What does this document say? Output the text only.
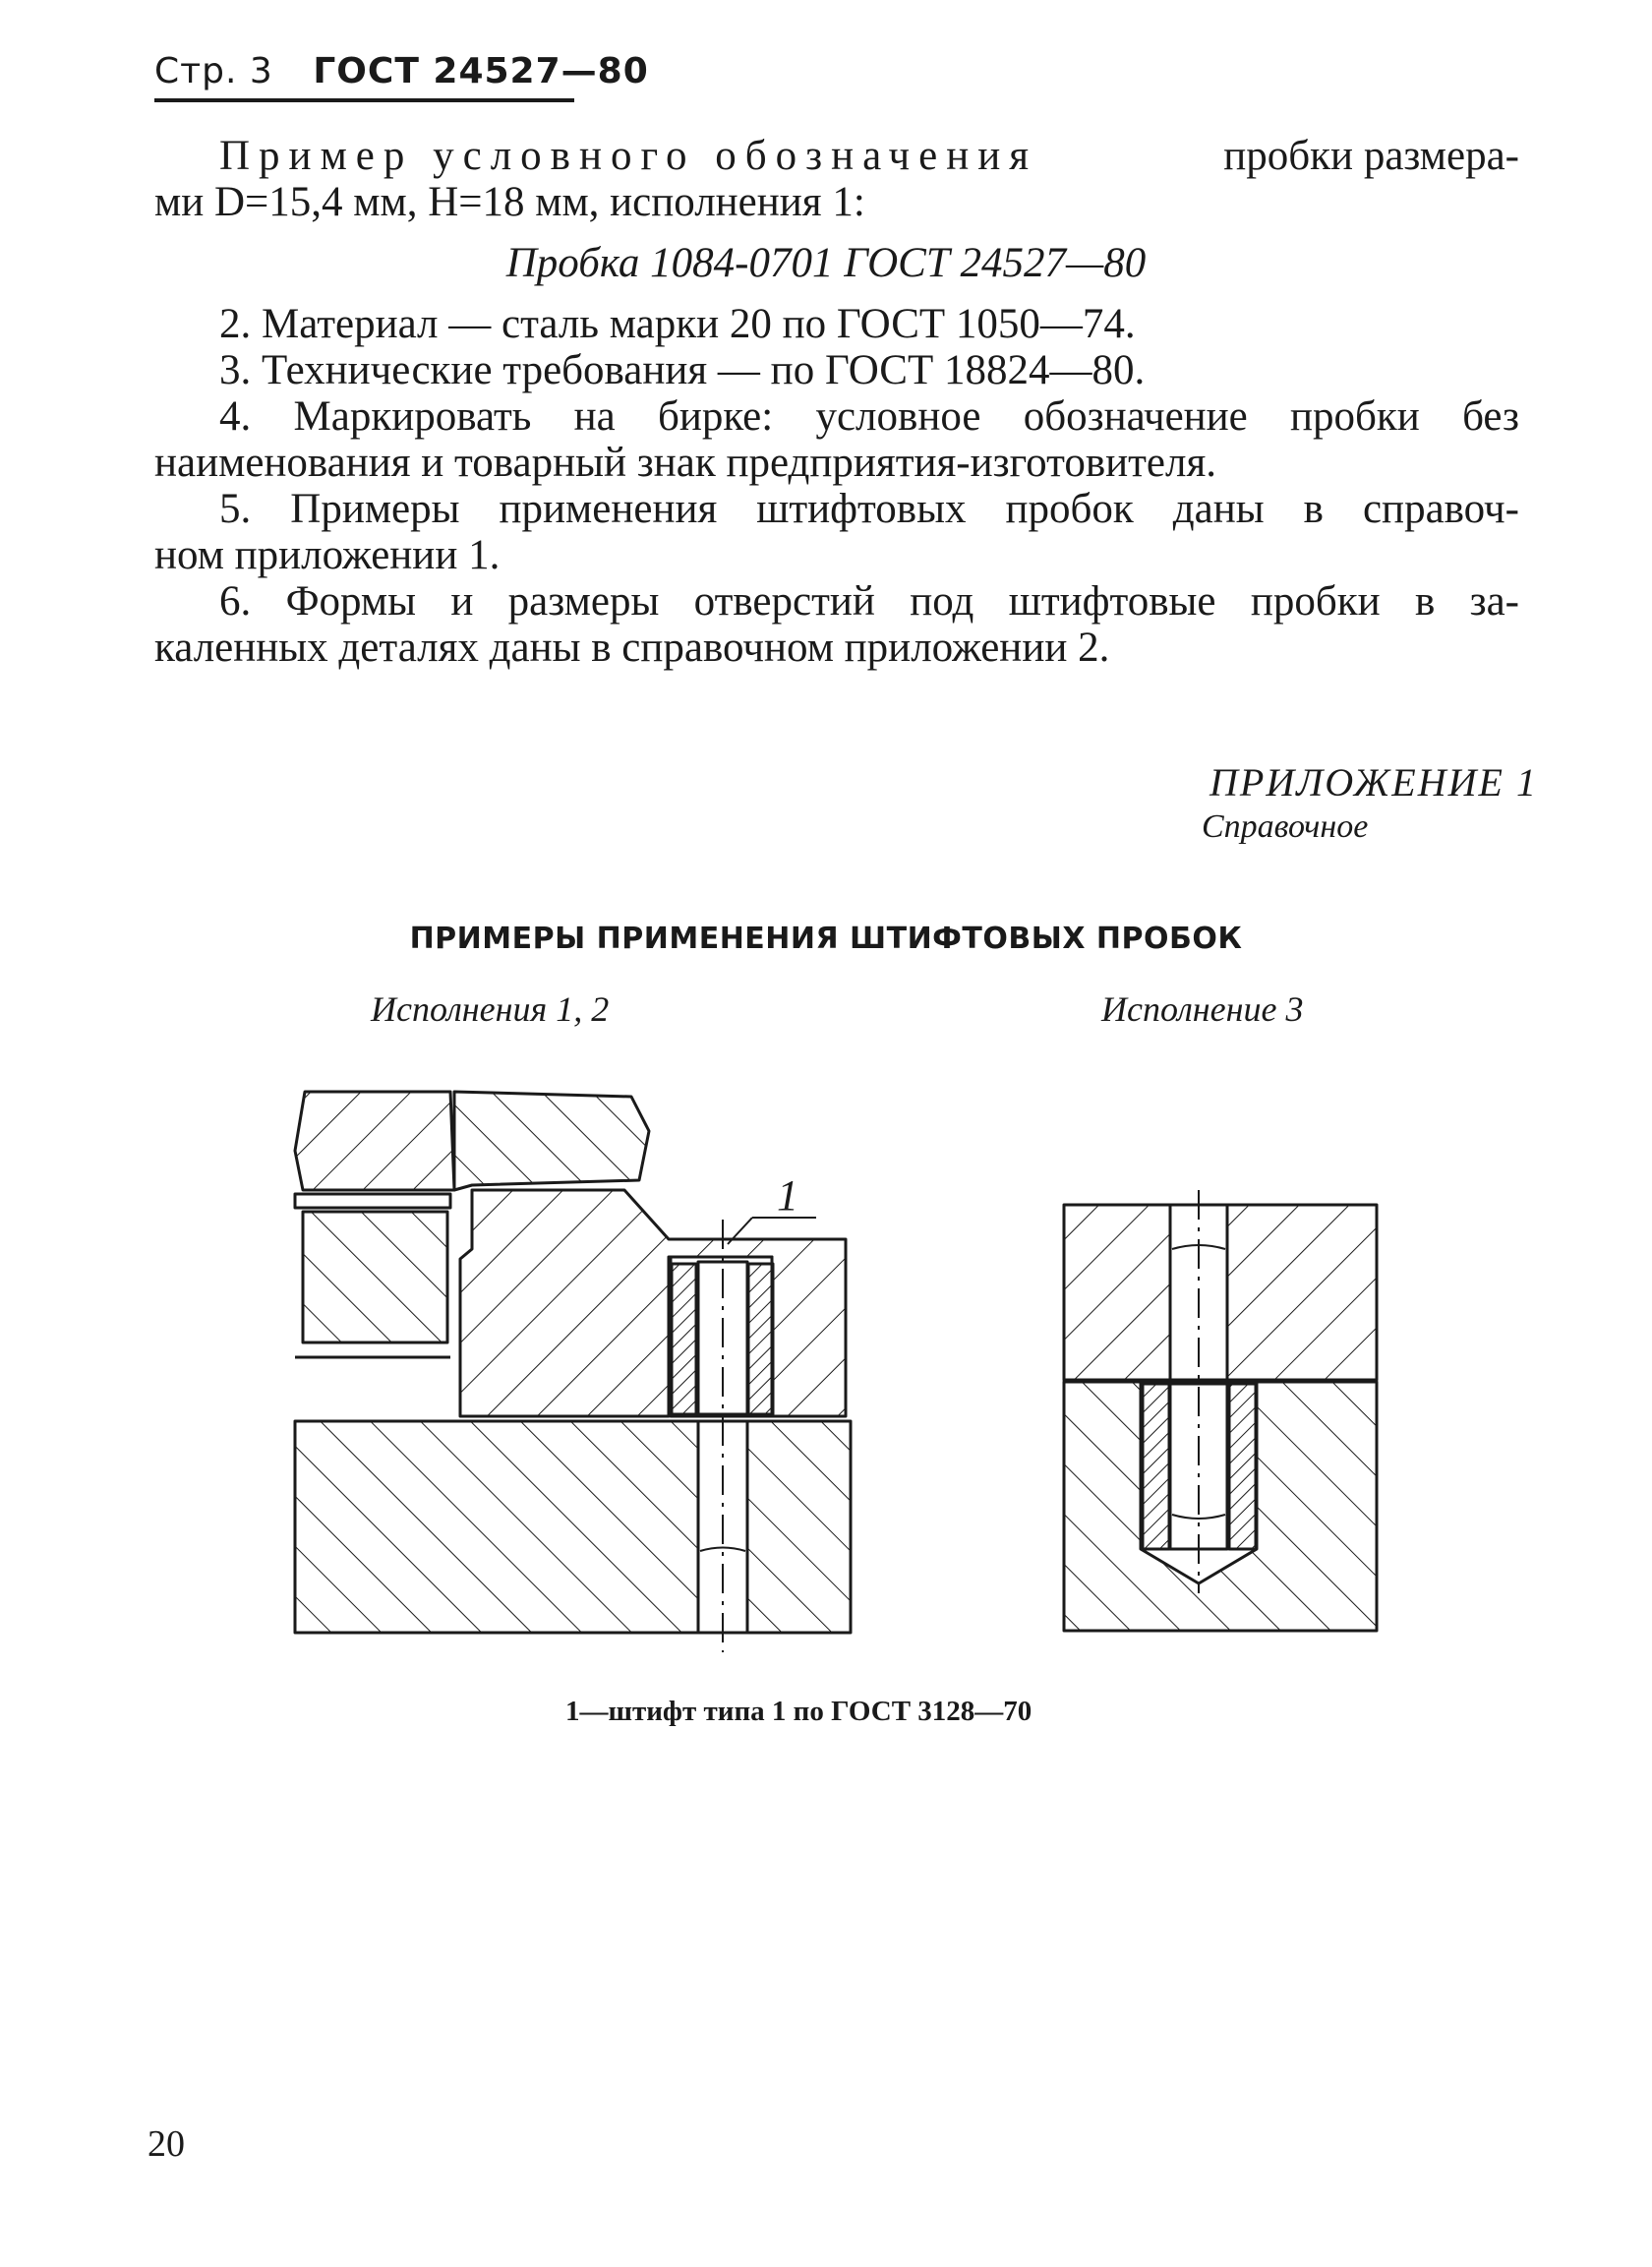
Стр. 3 ГОСТ 24527—80
Пример условного обозначения	пробки размера-
ми D=15,4 мм, H=18 мм, исполнения 1:
Пробка 1084-0701 ГОСТ 24527—80
2. Материал — сталь марки 20 по ГОСТ 1050—74.
3. Технические требования — по ГОСТ 18824—80.
4. Маркировать на бирке: условное обозначение пробки без
наименования и товарный знак предприятия-изготовителя.
5. Примеры применения штифтовых пробок даны в справоч-
ном приложении 1.
6. Формы и размеры отверстий под штифтовые пробки в за-
каленных деталях даны в справочном приложении 2.
ПРИЛОЖЕНИЕ 1
Справочное
ПРИМЕРЫ ПРИМЕНЕНИЯ ШТИФТОВЫХ ПРОБОК
Исполнения 1, 2	Исполнение 3
1
1—штифт типа 1 по ГОСТ 3128—70
20
